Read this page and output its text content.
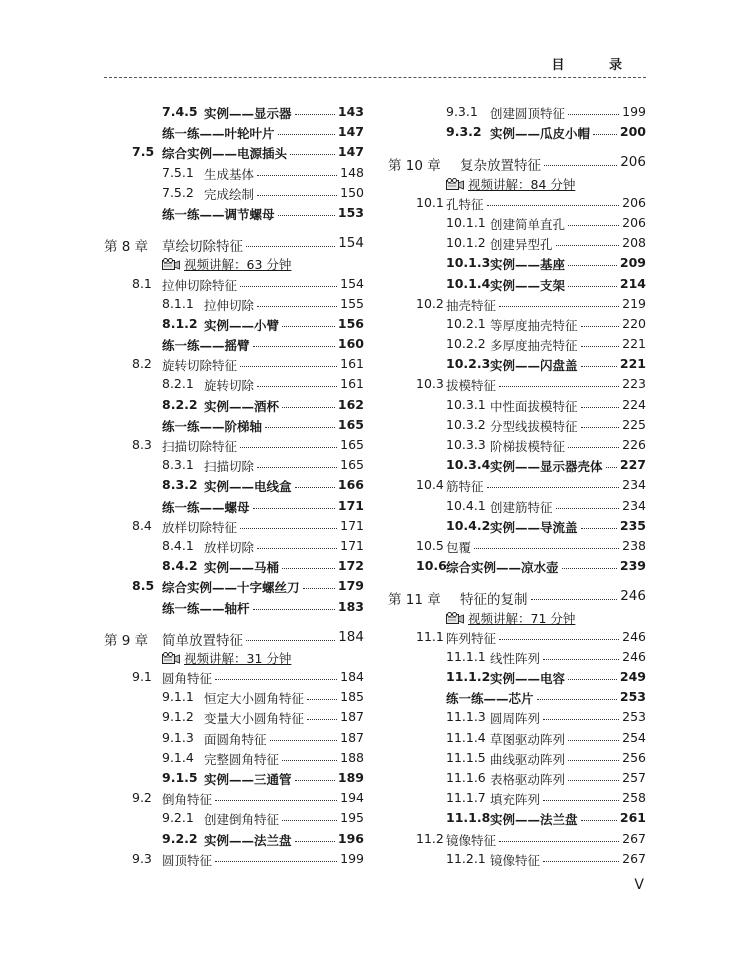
目 录
7.4.5 实例——显示器	143
练一练——叶轮叶片	147
7.5 综合实例——电源插头	147
7.5.1 生成基体	148
7.5.2 完成绘制	150
练一练——调节螺母	153
第 8 章 草绘切除特征	154
视频讲解：63 分钟
8.1 拉伸切除特征	154
8.1.1 拉伸切除	155
8.1.2 实例——小臂	156
练一练——摇臂	160
8.2 旋转切除特征	161
8.2.1 旋转切除	161
8.2.2 实例——酒杯	162
练一练——阶梯轴	165
8.3 扫描切除特征	165
8.3.1 扫描切除	165
8.3.2 实例——电线盒	166
练一练——螺母	171
8.4 放样切除特征	171
8.4.1 放样切除	171
8.4.2 实例——马桶	172
8.5 综合实例——十字螺丝刀	179
练一练——轴杆	183
第 9 章 简单放置特征	184
视频讲解：31 分钟
9.1 圆角特征	184
9.1.1 恒定大小圆角特征	185
9.1.2 变量大小圆角特征	187
9.1.3 面圆角特征	187
9.1.4 完整圆角特征	188
9.1.5 实例——三通管	189
9.2 倒角特征	194
9.2.1 创建倒角特征	195
9.2.2 实例——法兰盘	196
9.3 圆顶特征	199
9.3.1 创建圆顶特征	199
9.3.2 实例——瓜皮小帽 200
第 10 章 复杂放置特征	206
视频讲解：84 分钟
10.1 孔特征	206
10.1.1 创建简单直孔	206
10.1.2 创建异型孔	208
10.1.3 实例——基座	209
10.1.4 实例——支架	214
10.2 抽壳特征	219
10.2.1 等厚度抽壳特征	220
10.2.2 多厚度抽壳特征	221
10.2.3 实例——闪盘盖	221
10.3 拔模特征	223
10.3.1 中性面拔模特征	224
10.3.2 分型线拔模特征	225
10.3.3 阶梯拔模特征	226
10.3.4 实例——显示器壳体 227
10.4 筋特征	234
10.4.1 创建筋特征	234
10.4.2 实例——导流盖	235
10.5 包覆	238
10.6 综合实例——凉水壶	239
第 11 章 特征的复制	246
视频讲解：71 分钟
11.1 阵列特征	246
11.1.1 线性阵列	246
11.1.2 实例——电容	249
练一练——芯片	253
11.1.3 圆周阵列	253
11.1.4 草图驱动阵列	254
11.1.5 曲线驱动阵列	256
11.1.6 表格驱动阵列	257
11.1.7 填充阵列	258
11.1.8 实例——法兰盘	261
11.2 镜像特征	267
11.2.1 镜像特征	267
V
